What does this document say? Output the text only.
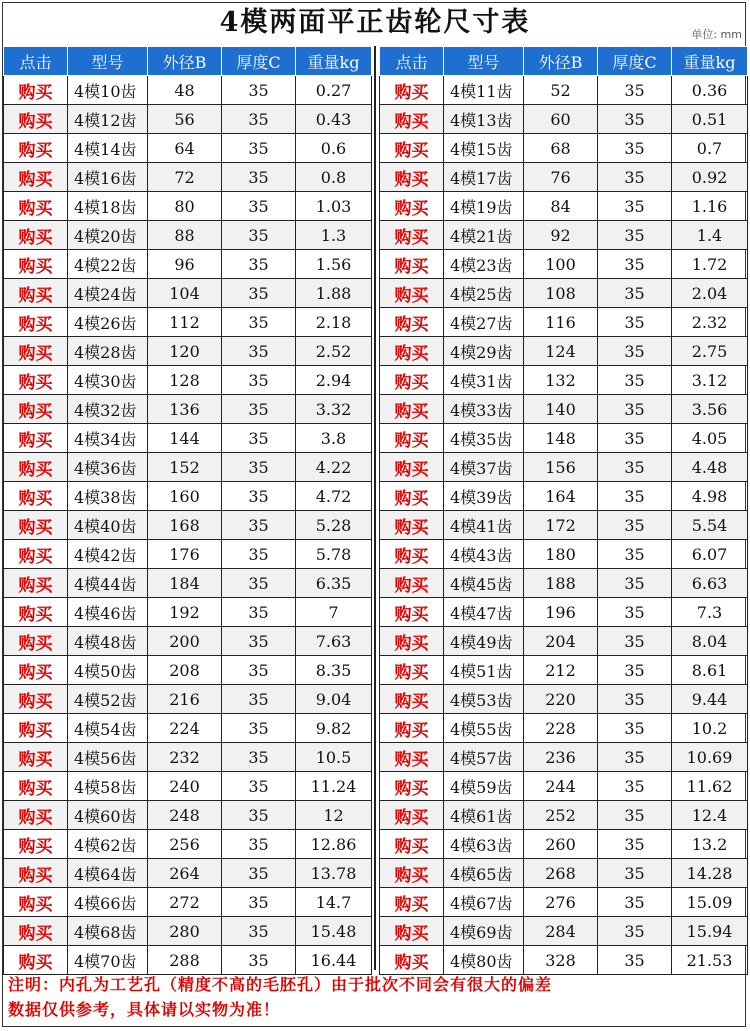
4模两面平正齿轮尺寸表	单位: mm
点击	型号	外径B	厚度C	重量kg
购买	4模10齿	48	35	0.27
购买	4模12齿	56	35	0.43
购买	4模14齿	64	35	0.6
购买	4模16齿	72	35	0.8
购买	4模18齿	80	35	1.03
购买	4模20齿	88	35	1.3
购买	4模22齿	96	35	1.56
购买	4模24齿	104	35	1.88
购买	4模26齿	112	35	2.18
购买	4模28齿	120	35	2.52
购买	4模30齿	128	35	2.94
购买	4模32齿	136	35	3.32
购买	4模34齿	144	35	3.8
购买	4模36齿	152	35	4.22
购买	4模38齿	160	35	4.72
购买	4模40齿	168	35	5.28
购买	4模42齿	176	35	5.78
购买	4模44齿	184	35	6.35
购买	4模46齿	192	35	7
购买	4模48齿	200	35	7.63
购买	4模50齿	208	35	8.35
购买	4模52齿	216	35	9.04
购买	4模54齿	224	35	9.82
购买	4模56齿	232	35	10.5
购买	4模58齿	240	35	11.24
购买	4模60齿	248	35	12
购买	4模62齿	256	35	12.86
购买	4模64齿	264	35	13.78
购买	4模66齿	272	35	14.7
购买	4模68齿	280	35	15.48
购买	4模70齿	288	35	16.44
点击	型号	外径B	厚度C	重量kg
购买	4模11齿	52	35	0.36
购买	4模13齿	60	35	0.51
购买	4模15齿	68	35	0.7
购买	4模17齿	76	35	0.92
购买	4模19齿	84	35	1.16
购买	4模21齿	92	35	1.4
购买	4模23齿	100	35	1.72
购买	4模25齿	108	35	2.04
购买	4模27齿	116	35	2.32
购买	4模29齿	124	35	2.75
购买	4模31齿	132	35	3.12
购买	4模33齿	140	35	3.56
购买	4模35齿	148	35	4.05
购买	4模37齿	156	35	4.48
购买	4模39齿	164	35	4.98
购买	4模41齿	172	35	5.54
购买	4模43齿	180	35	6.07
购买	4模45齿	188	35	6.63
购买	4模47齿	196	35	7.3
购买	4模49齿	204	35	8.04
购买	4模51齿	212	35	8.61
购买	4模53齿	220	35	9.44
购买	4模55齿	228	35	10.2
购买	4模57齿	236	35	10.69
购买	4模59齿	244	35	11.62
购买	4模61齿	252	35	12.4
购买	4模63齿	260	35	13.2
购买	4模65齿	268	35	14.28
购买	4模67齿	276	35	15.09
购买	4模69齿	284	35	15.94
购买	4模80齿	328	35	21.53
注明：内孔为工艺孔（精度不高的毛胚孔）由于批次不同会有很大的偏差
数据仅供参考，具体请以实物为准！
